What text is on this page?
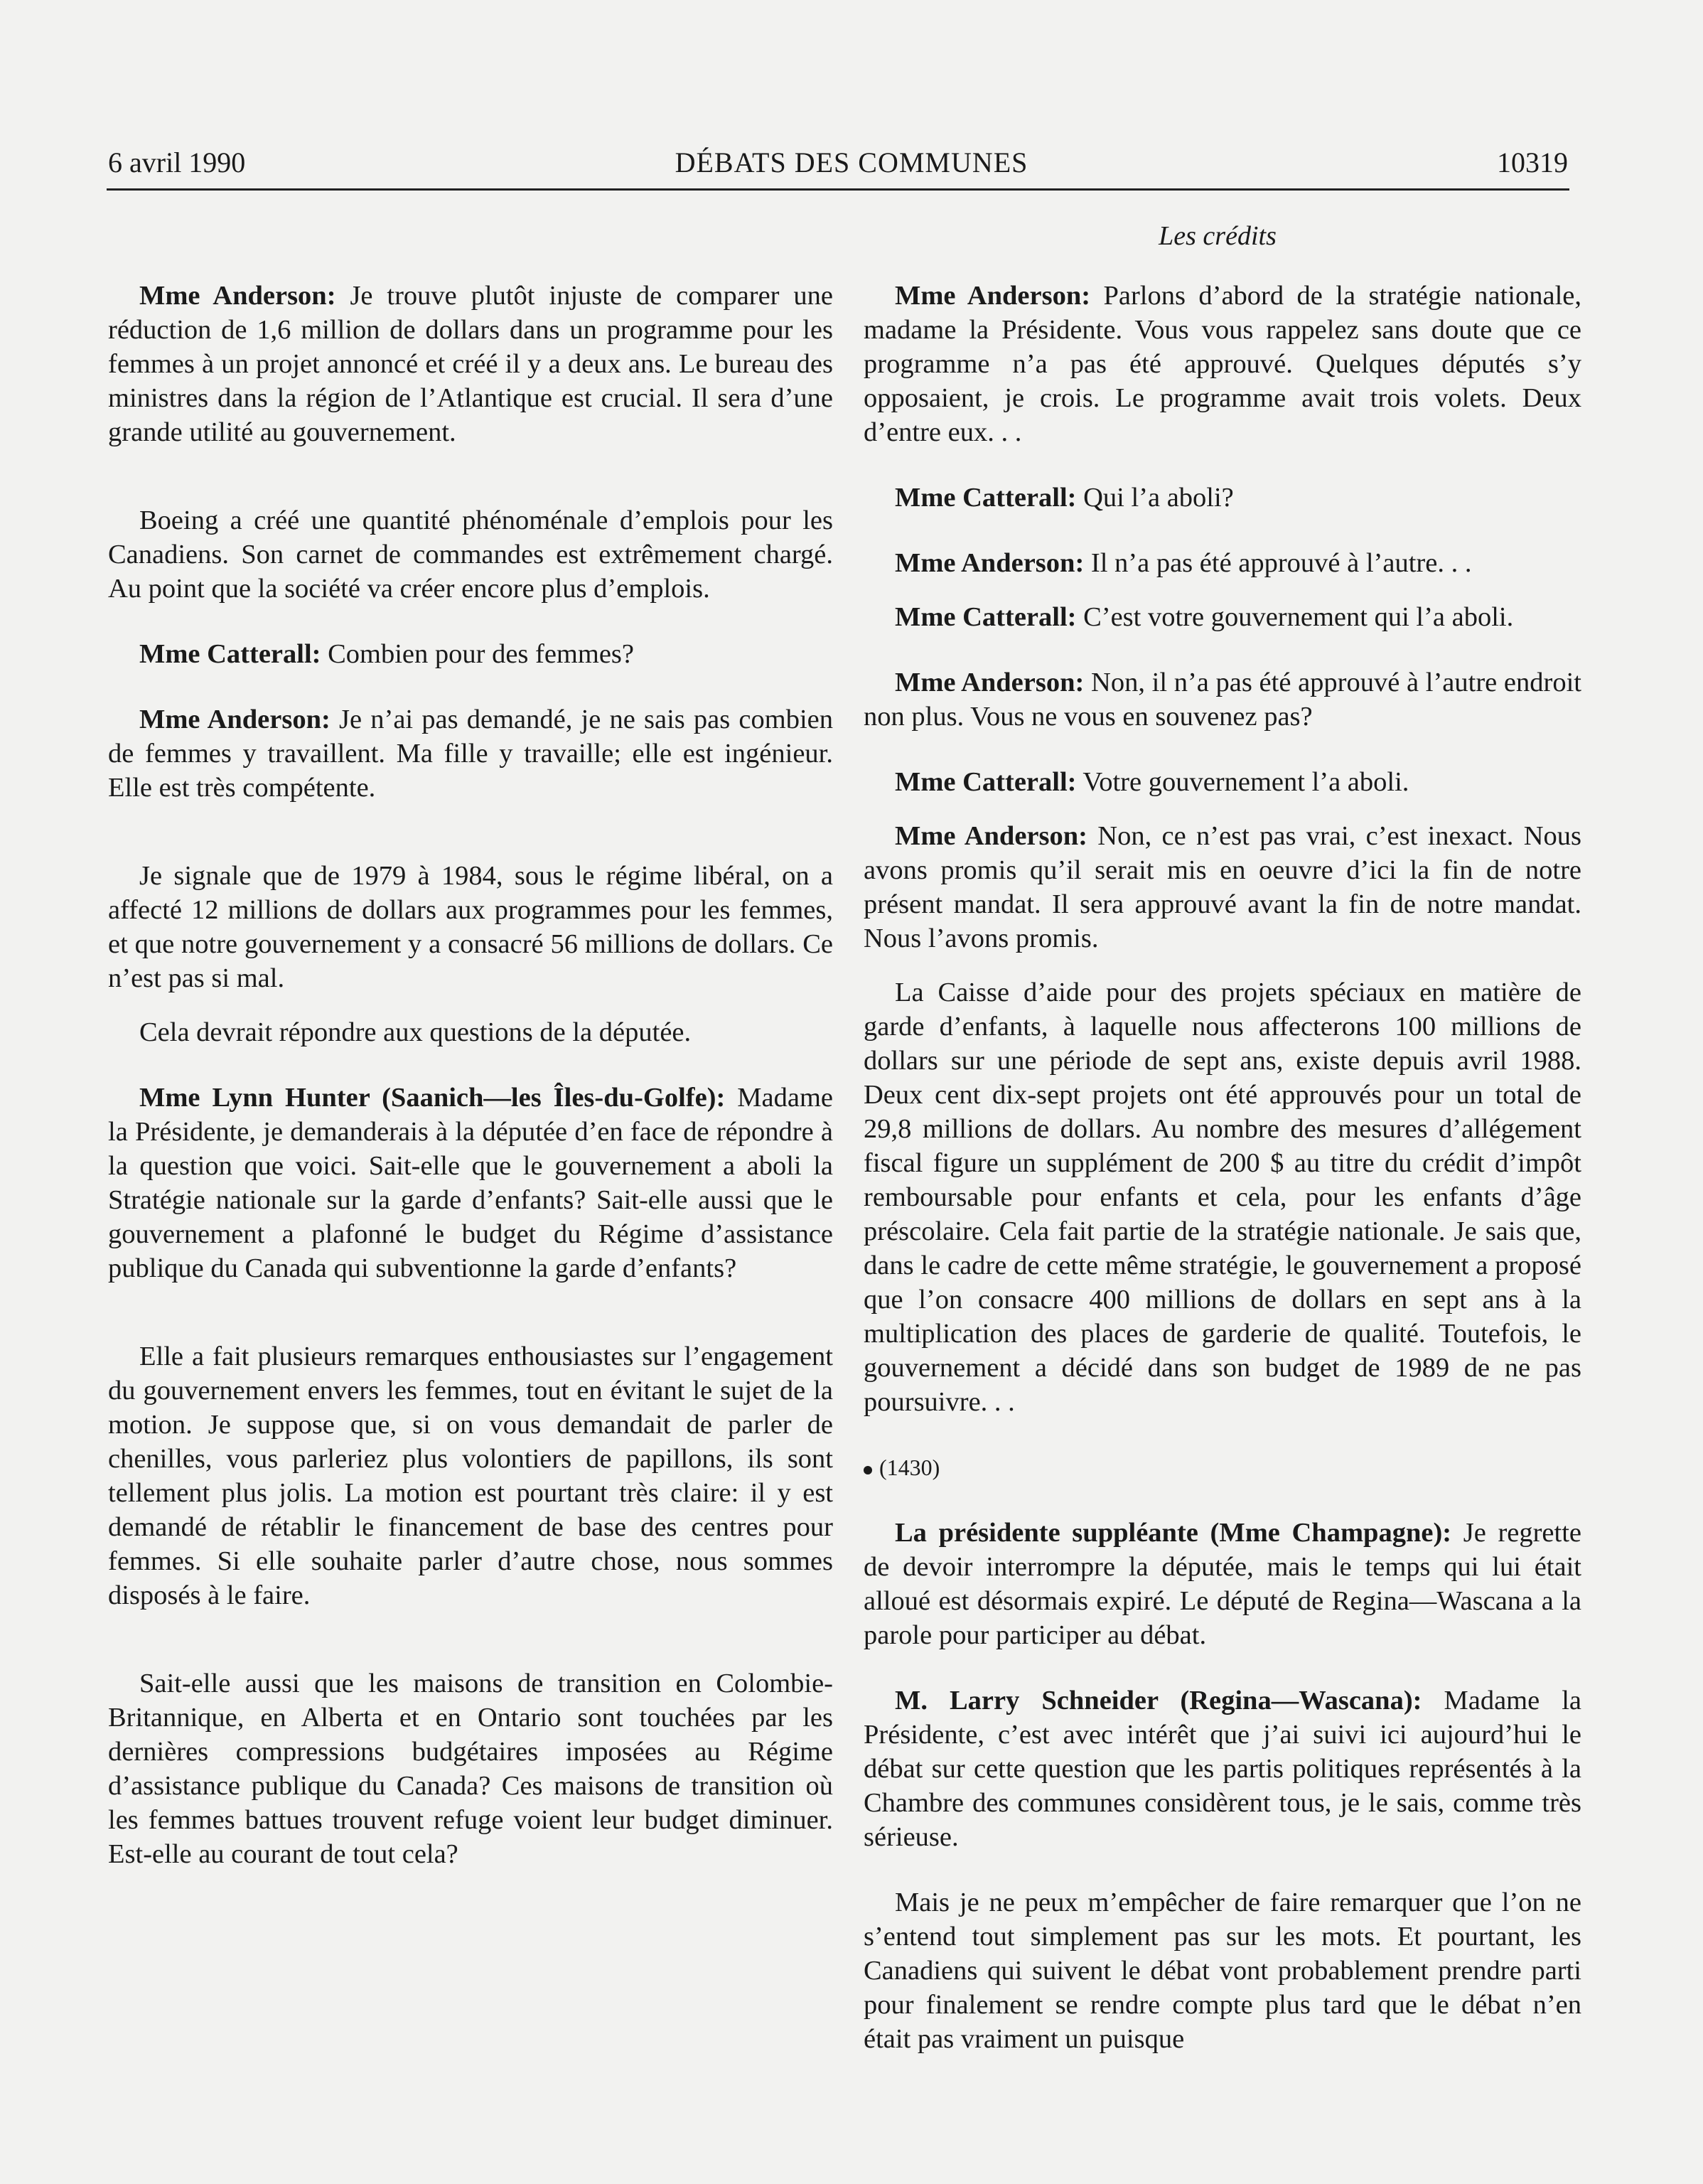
6 avril 1990	DÉBATS DES COMMUNES	10319
Les crédits

Mme Anderson: Je trouve plutôt injuste de comparer une réduction de 1,6 million de dollars dans un programme pour les femmes à un projet annoncé et créé il y a deux ans. Le bureau des ministres dans la région de l’Atlantique est crucial. Il sera d’une grande utilité au gouvernement.

Boeing a créé une quantité phénoménale d’emplois pour les Canadiens. Son carnet de commandes est extrêmement chargé. Au point que la société va créer encore plus d’emplois.

Mme Catterall: Combien pour des femmes?

Mme Anderson: Je n’ai pas demandé, je ne sais pas combien de femmes y travaillent. Ma fille y travaille; elle est ingénieur. Elle est très compétente.

Je signale que de 1979 à 1984, sous le régime libéral, on a affecté 12 millions de dollars aux programmes pour les femmes, et que notre gouvernement y a consacré 56 millions de dollars. Ce n’est pas si mal.

Cela devrait répondre aux questions de la députée.

Mme Lynn Hunter (Saanich—les Îles-du-Golfe): Madame la Présidente, je demanderais à la députée d’en face de répondre à la question que voici. Sait-elle que le gouvernement a aboli la Stratégie nationale sur la garde d’enfants? Sait-elle aussi que le gouvernement a plafonné le budget du Régime d’assistance publique du Canada qui subventionne la garde d’enfants?

Elle a fait plusieurs remarques enthousiastes sur l’engagement du gouvernement envers les femmes, tout en évitant le sujet de la motion. Je suppose que, si on vous demandait de parler de chenilles, vous parleriez plus volontiers de papillons, ils sont tellement plus jolis. La motion est pourtant très claire: il y est demandé de rétablir le financement de base des centres pour femmes. Si elle souhaite parler d’autre chose, nous sommes disposés à le faire.

Sait-elle aussi que les maisons de transition en Colombie-Britannique, en Alberta et en Ontario sont touchées par les dernières compressions budgétaires imposées au Régime d’assistance publique du Canada? Ces maisons de transition où les femmes battues trouvent refuge voient leur budget diminuer. Est-elle au courant de tout cela?

Mme Anderson: Parlons d’abord de la stratégie nationale, madame la Présidente. Vous vous rappelez sans doute que ce programme n’a pas été approuvé. Quelques députés s’y opposaient, je crois. Le programme avait trois volets. Deux d’entre eux. . .

Mme Catterall: Qui l’a aboli?

Mme Anderson: Il n’a pas été approuvé à l’autre. . .

Mme Catterall: C’est votre gouvernement qui l’a aboli.

Mme Anderson: Non, il n’a pas été approuvé à l’autre endroit non plus. Vous ne vous en souvenez pas?

Mme Catterall: Votre gouvernement l’a aboli.

Mme Anderson: Non, ce n’est pas vrai, c’est inexact. Nous avons promis qu’il serait mis en oeuvre d’ici la fin de notre présent mandat. Il sera approuvé avant la fin de notre mandat. Nous l’avons promis.

La Caisse d’aide pour des projets spéciaux en matière de garde d’enfants, à laquelle nous affecterons 100 millions de dollars sur une période de sept ans, existe depuis avril 1988. Deux cent dix-sept projets ont été approuvés pour un total de 29,8 millions de dollars. Au nombre des mesures d’allégement fiscal figure un supplément de 200 $ au titre du crédit d’impôt remboursable pour enfants et cela, pour les enfants d’âge préscolaire. Cela fait partie de la stratégie nationale. Je sais que, dans le cadre de cette même stratégie, le gouvernement a proposé que l’on consacre 400 millions de dollars en sept ans à la multiplication des places de garderie de qualité. Toutefois, le gouvernement a décidé dans son budget de 1989 de ne pas poursuivre. . .

(1430)

La présidente suppléante (Mme Champagne): Je regrette de devoir interrompre la députée, mais le temps qui lui était alloué est désormais expiré. Le député de Regina—Wascana a la parole pour participer au débat.

M. Larry Schneider (Regina—Wascana): Madame la Présidente, c’est avec intérêt que j’ai suivi ici aujourd’hui le débat sur cette question que les partis politiques représentés à la Chambre des communes considèrent tous, je le sais, comme très sérieuse.

Mais je ne peux m’empêcher de faire remarquer que l’on ne s’entend tout simplement pas sur les mots. Et pourtant, les Canadiens qui suivent le débat vont probablement prendre parti pour finalement se rendre compte plus tard que le débat n’en était pas vraiment un puisque
